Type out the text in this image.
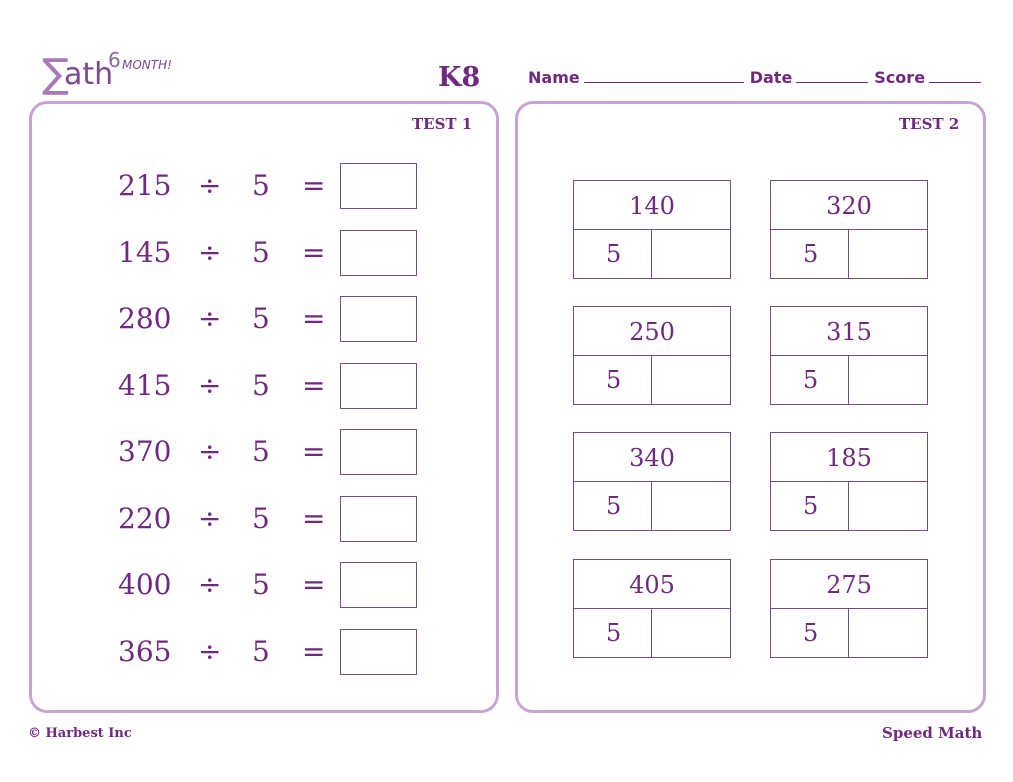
∑
ath
6 MONTH!	K8	Name	Date	Score
TEST 1	TEST 2
215 ÷ 5 =
145 ÷ 5 =
280 ÷ 5 =
415 ÷ 5 =
370 ÷ 5 =
220 ÷ 5 =
400 ÷ 5 =
365 ÷ 5 =
140
5
320
5
250
5
315
5
340
5
185
5
405
5
275
5
© Harbest Inc	Speed Math
